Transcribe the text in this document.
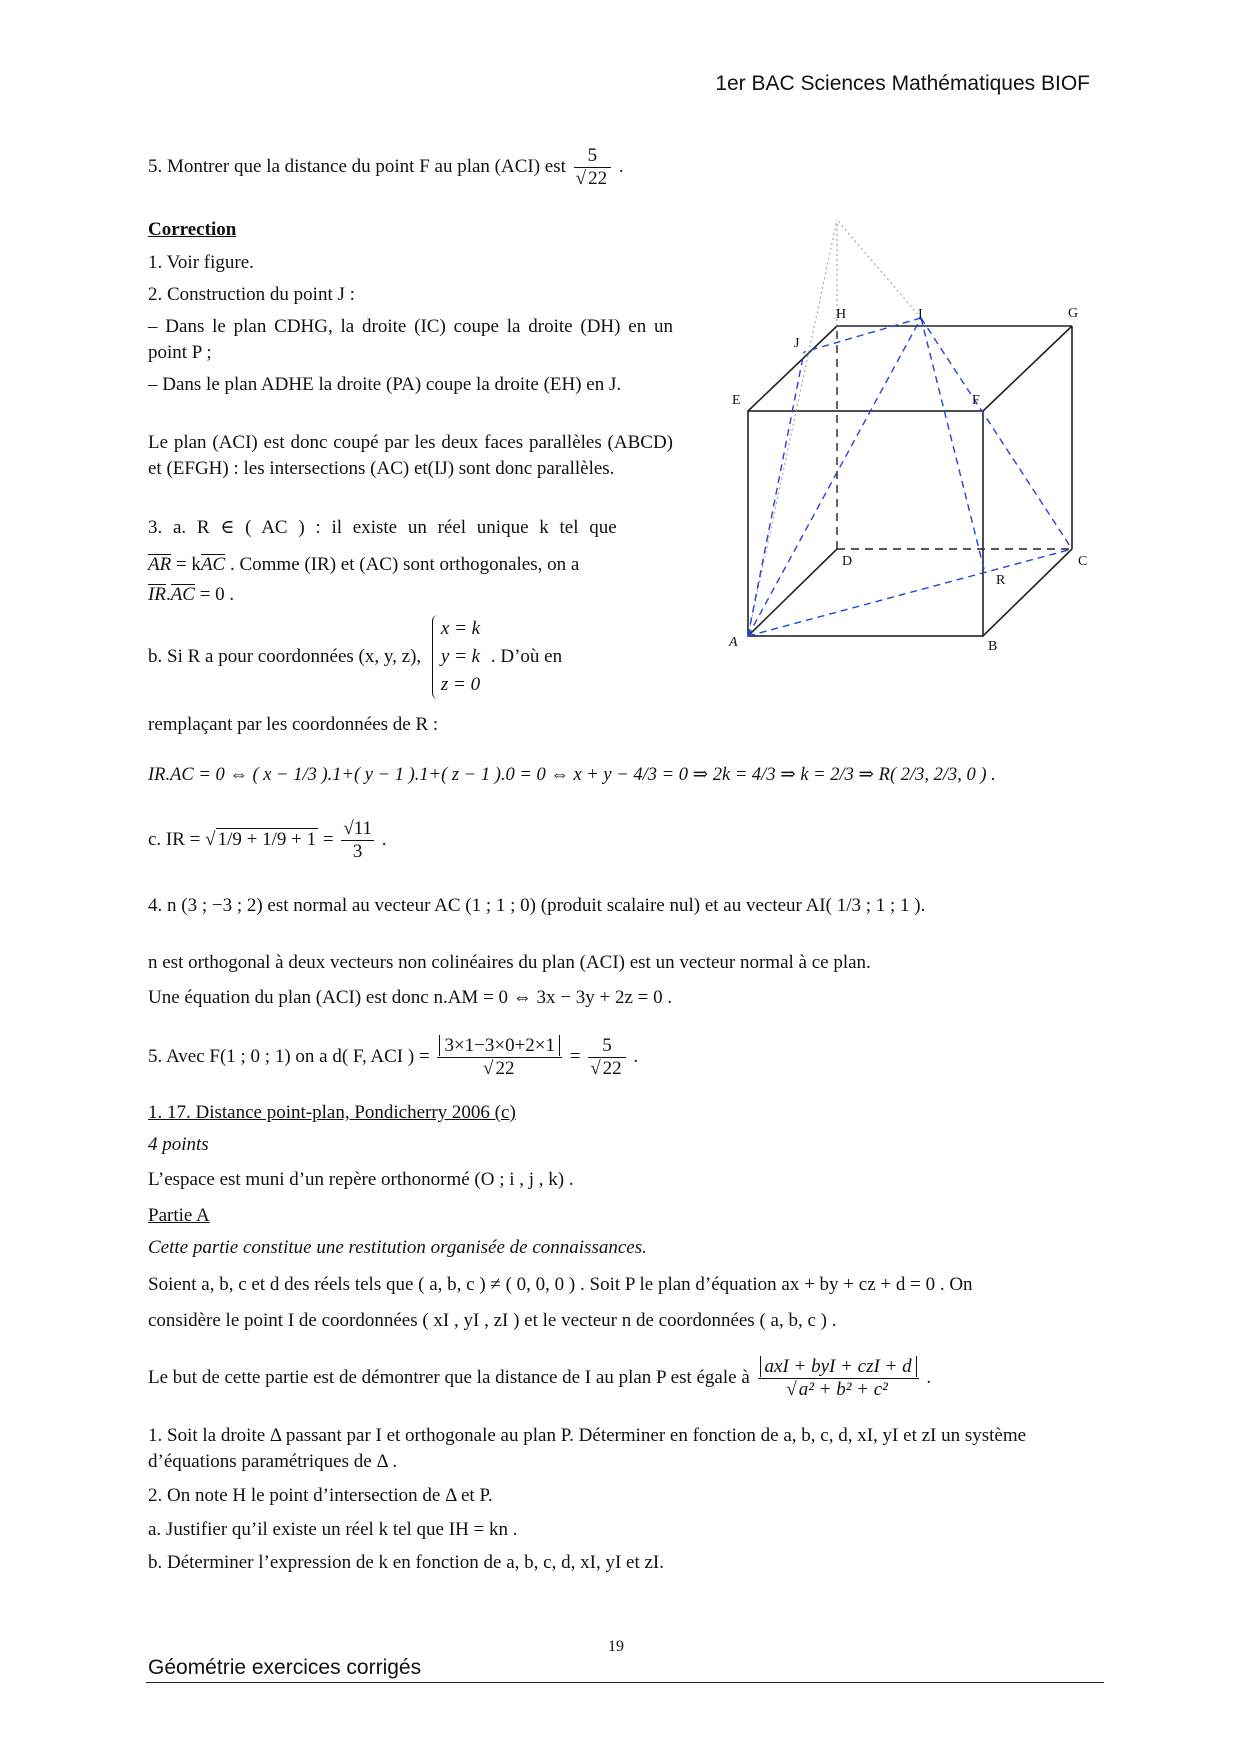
1er BAC Sciences Mathématiques BIOF
5. Montrer que la distance du point F au plan (ACI) est $\frac{5}{√ 22}$ .
Correction
1. Voir figure.
2. Construction du point J :
– Dans le plan CDHG, la droite (IC) coupe la droite (DH) en un point P ;
– Dans le plan ADHE la droite (PA) coupe la droite (EH) en J.
Le plan (ACI) est donc coupé par les deux faces parallèles (ABCD) et (EFGH) : les intersections (AC) et(IJ) sont donc parallèles.
3. a. R ∈ ( AC ) : il existe un réel unique k tel que
AR = kAC . Comme (IR) et (AC) sont orthogonales, on a
IR.AC = 0 .
b. Si R a pour coordonnées (x, y, z),
x = k
y = k
z = 0
. D’où en
remplaçant par les coordonnées de R :
IR.AC = 0 ⇔ ( x − 1/3 ).1+( y − 1 ).1+( z − 1 ).0 = 0 ⇔ x + y − 4/3 = 0 ⇒ 2k = 4/3 ⇒ k = 2/3 ⇒ R( 2/3, 2/3, 0 ) .
c. IR = √ $1/9 + 1/9 + 1 = \frac{√11}{3}$ .
4. n (3 ; −3 ; 2) est normal au vecteur AC (1 ; 1 ; 0) (produit scalaire nul) et au vecteur AI( 1/3 ; 1 ; 1 ).
n est orthogonal à deux vecteurs non colinéaires du plan (ACI) est un vecteur normal à ce plan.
Une équation du plan (ACI) est donc n.AM = 0 ⇔ 3x − 3y + 2z = 0 .
5. Avec F(1 ; 0 ; 1) on a d( F, ACI ) = $\frac{3\times 1-3\times 0+2\times 1}{√ 22} = \frac{5}{√ 22}$ .
1. 17. Distance point-plan, Pondicherry 2006 (c)
4 points
L’espace est muni d’un repère orthonormé (O ; i , j , k) .
Partie A
Cette partie constitue une restitution organisée de connaissances.
Soient a, b, c et d des réels tels que ( a, b, c ) ≠ ( 0, 0, 0 ) . Soit P le plan d’équation ax + by + cz + d = 0 . On
considère le point I de coordonnées ( xI , yI , zI ) et le vecteur n de coordonnées ( a, b, c ) .
Le but de cette partie est de démontrer que la distance de I au plan P est égale à $\frac{\text{axI + byI + czI + d}}{\text{√ a² + b² + c²}}$ .
1. Soit la droite Δ passant par I et orthogonale au plan P. Déterminer en fonction de a, b, c, d, xI, yI et zI un système d’équations paramétriques de Δ .
2. On note H le point d’intersection de Δ et P.
a. Justifier qu’il existe un réel k tel que IH = kn .
b. Déterminer l’expression de k en fonction de a, b, c, d, xI, yI et zI.
H	I	G
J
E	F
D	C
R
A	B
19
Géométrie exercices corrigés
